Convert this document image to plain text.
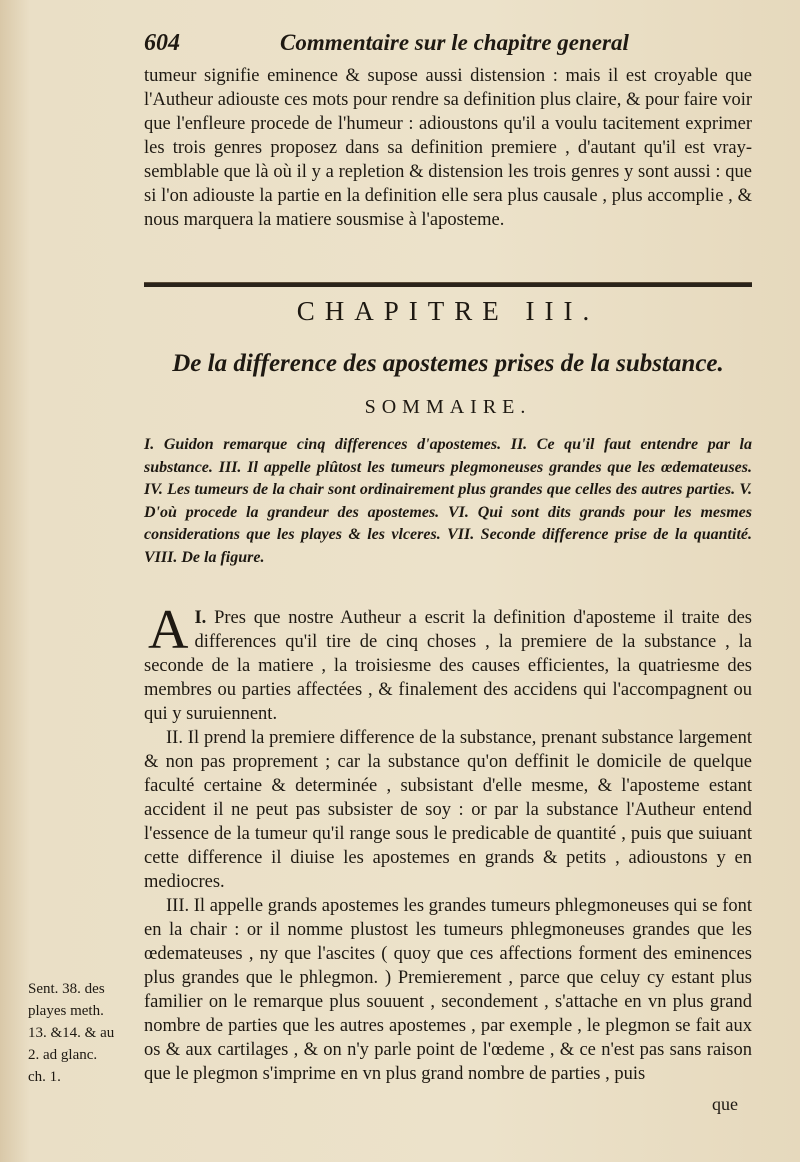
604	Commentaire sur le chapitre general

tumeur signifie eminence & supose aussi distension : mais il est croyable que l'Autheur adiouste ces mots pour rendre sa definition plus claire, & pour faire voir que l'enfleure procede de l'humeur : adioustons qu'il a voulu tacitement exprimer les trois genres proposez dans sa definition premiere , d'autant qu'il est vray-semblable que là où il y a repletion & distension les trois genres y sont aussi : que si l'on adiouste la partie en la definition elle sera plus causale , plus accomplie , & nous marquera la matiere sousmise à l'aposteme.

CHAPITRE III.
De la difference des apostemes prises de la substance.
SOMMAIRE.

I. Guidon remarque cinq differences d'apostemes. II. Ce qu'il faut entendre par la substance. III. Il appelle plûtost les tumeurs plegmoneuses grandes que les œdemateuses. IV. Les tumeurs de la chair sont ordinairement plus grandes que celles des autres parties. V. D'où procede la grandeur des apostemes. VI. Qui sont dits grands pour les mesmes considerations que les playes & les vlceres. VII. Seconde difference prise de la quantité. VIII. De la figure.

I.
A Pres que nostre Autheur a escrit la definition d'aposteme il traite des differences qu'il tire de cinq choses , la premiere de la substance , la seconde de la matiere , la troisiesme des causes efficientes, la quatriesme des membres ou parties affectées , & finalement des accidens qui l'accompagnent ou qui y suruiennent.

II. Il prend la premiere difference de la substance, prenant substance largement & non pas proprement ; car la substance qu'on deffinit le domicile de quelque faculté certaine & determinée , subsistant d'elle mesme, & l'aposteme estant accident il ne peut pas subsister de soy : or par la substance l'Autheur entend l'essence de la tumeur qu'il range sous le predicable de quantité , puis que suiuant cette difference il diuise les apostemes en grands & petits , adioustons y en mediocres.

III. Il appelle grands apostemes les grandes tumeurs phlegmoneuses qui se font en la chair : or il nomme plustost les tumeurs phlegmoneuses grandes que les œdemateuses , ny que l'ascites ( quoy que ces affections forment des eminences plus grandes que le phlegmon. ) Premierement , parce que celuy cy estant plus familier on le remarque plus souuent , secondement , s'attache en vn plus grand nombre de parties que les autres apostemes , par exemple , le plegmon se fait aux os & aux cartilages , & on n'y parle point de l'œdeme , & ce n'est pas sans raison que le plegmon s'imprime en vn plus grand nombre de parties , puis

Sent. 38. des

playes meth.

13. &14. & au

2. ad glanc.

ch. 1.

que
